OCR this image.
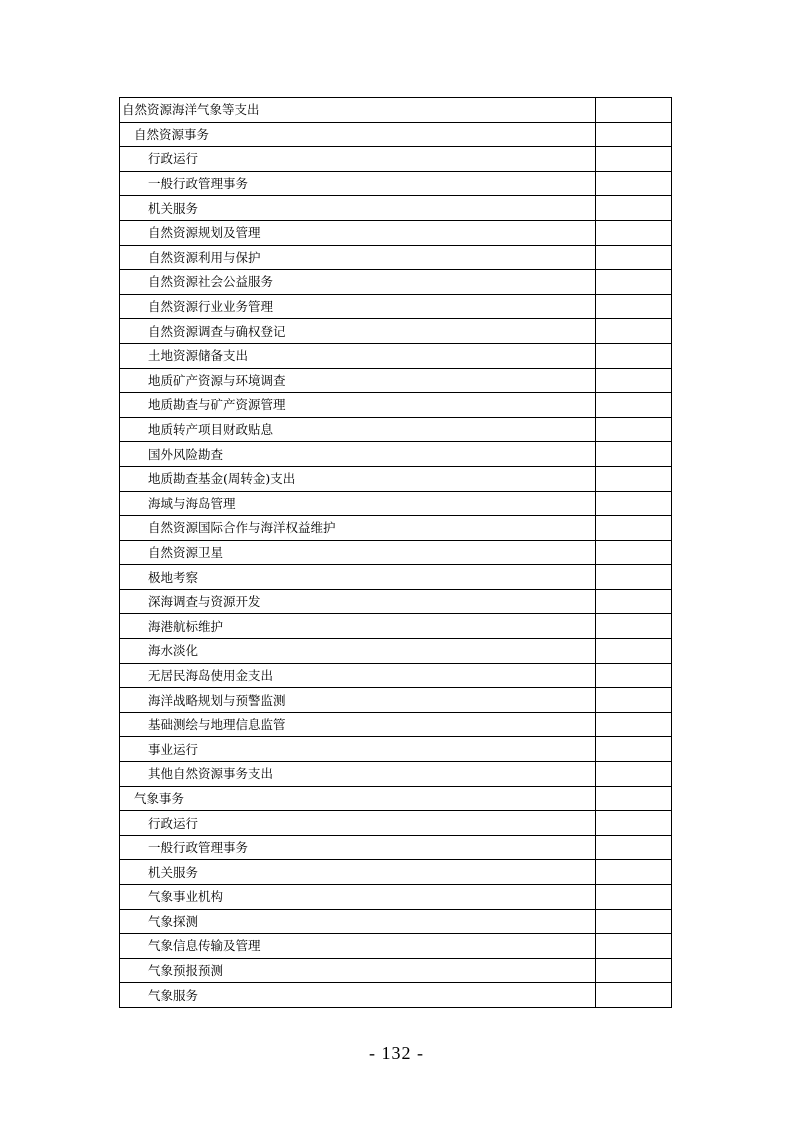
自然资源海洋气象等支出	
自然资源事务	
行政运行	
一般行政管理事务	
机关服务	
自然资源规划及管理	
自然资源利用与保护	
自然资源社会公益服务	
自然资源行业业务管理	
自然资源调查与确权登记	
土地资源储备支出	
地质矿产资源与环境调查	
地质勘查与矿产资源管理	
地质转产项目财政贴息	
国外风险勘查	
地质勘查基金(周转金)支出	
海域与海岛管理	
自然资源国际合作与海洋权益维护	
自然资源卫星	
极地考察	
深海调查与资源开发	
海港航标维护	
海水淡化	
无居民海岛使用金支出	
海洋战略规划与预警监测	
基础测绘与地理信息监管	
事业运行	
其他自然资源事务支出	
气象事务	
行政运行	
一般行政管理事务	
机关服务	
气象事业机构	
气象探测	
气象信息传输及管理	
气象预报预测	
气象服务	
- 132 -
